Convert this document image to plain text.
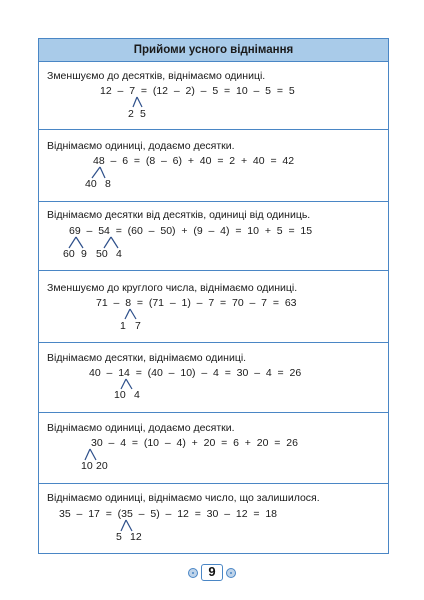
Прийоми усного віднімання
Зменшуємо до десятків, віднімаємо одиниці.
12  –  7  =  (12  –  2)  –  5  =  10  –  5  =  5
2 5
Віднімаємо одиниці, додаємо десятки.
48  –  6  =  (8  –  6)  +  40  =  2  +  40  =  42
40 8
Віднімаємо десятки від десятків, одиниці від одиниць.
69  –  54  =  (60  –  50)  +  (9  –  4)  =  10  +  5  =  15
60 9 50 4
Зменшуємо до круглого числа, віднімаємо одиниці.
71  –  8  =  (71  –  1)  –  7  =  70  –  7  =  63
1 7
Віднімаємо десятки, віднімаємо одиниці.
40  –  14  =  (40  –  10)  –  4  =  30  –  4  =  26
10 4
Віднімаємо одиниці, додаємо десятки.
30  –  4  =  (10  –  4)  +  20  =  6  +  20  =  26
10 20
Віднімаємо одиниці, віднімаємо число, що залишилося.
35  –  17  =  (35  –  5)  –  12  =  30  –  12  =  18
5 12
9
